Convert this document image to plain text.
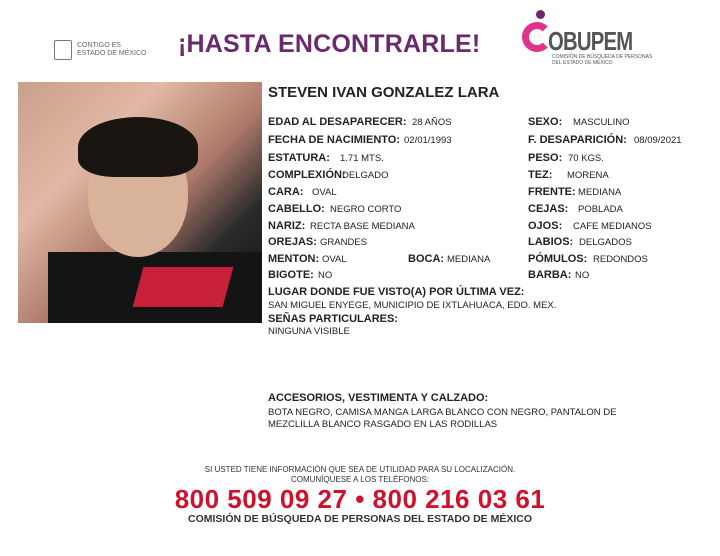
CONTIGO ES
ESTADO DE MÉXICO ¡HASTA ENCONTRARLE!	OBUPEM
COMISIÓN DE BÚSQUEDA DE PERSONAS
DEL ESTADO DE MÉXICO
STEVEN IVAN GONZALEZ LARA
LUGAR DONDE FUE VISTO(A) POR ÚLTIMA VEZ:
SAN MIGUEL ENYEGE, MUNICIPIO DE IXTLAHUACA, EDO. MEX.
SEÑAS PARTICULARES:
NINGUNA VISIBLE
ACCESORIOS, VESTIMENTA Y CALZADO:
BOTA NEGRO, CAMISA MANGA LARGA BLANCO CON NEGRO, PANTALON DE
MEZCLILLA BLANCO RASGADO EN LAS RODILLAS
SI USTED TIENE INFORMACIÓN QUE SEA DE UTILIDAD PARA SU LOCALIZACIÓN.
COMUNÍQUESE A LOS TELÉFONOS:
800 509 09 27 • 800 216 03 61
COMISIÓN DE BÚSQUEDA DE PERSONAS DEL ESTADO DE MÉXICO
EDAD AL DESAPARECER: 28 AÑOS
FECHA DE NACIMIENTO: 02/01/1993
ESTATURA: 1.71 MTS.
COMPLEXIÓN:
DELGADO
CARA: OVAL
CABELLO: NEGRO CORTO
NARIZ: RECTA BASE MEDIANA
OREJAS: GRANDES
MENTON: OVAL
BIGOTE: NO
SEXO: MASCULINO
F. DESAPARICIÓN: 08/09/2021
PESO: 70 KGS.
TEZ: MORENA
FRENTE: MEDIANA
CEJAS: POBLADA
OJOS: CAFE MEDIANOS
LABIOS: DELGADOS
PÓMULOS: REDONDOS
BARBA: NO
BOCA: MEDIANA
